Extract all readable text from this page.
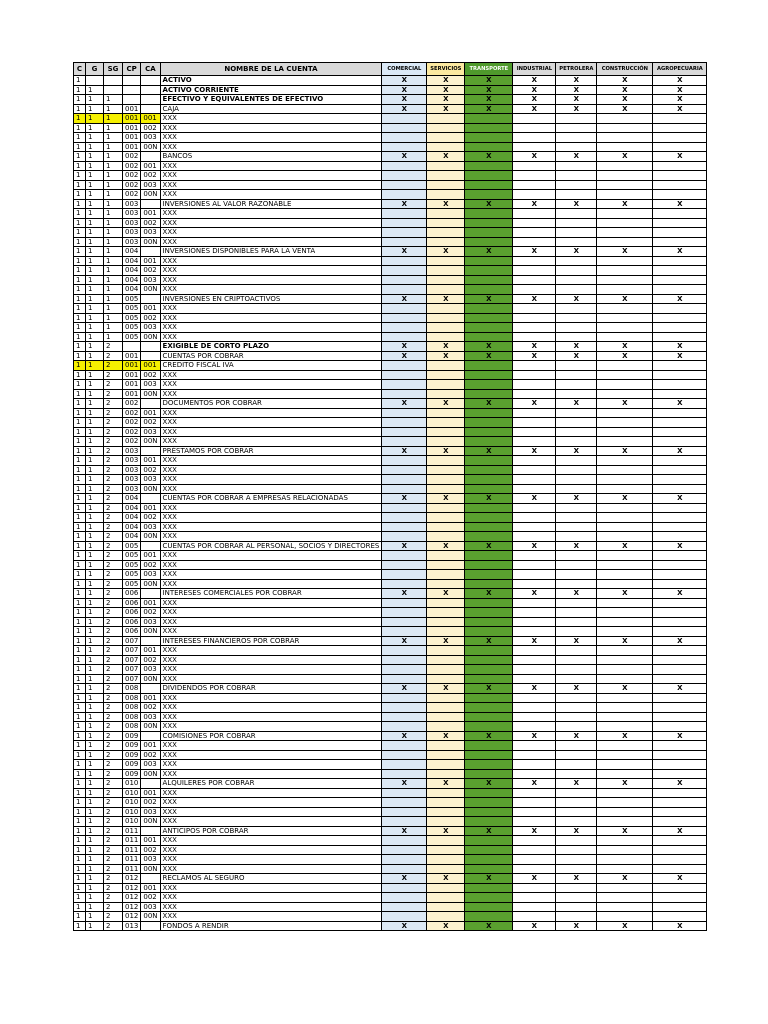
C	G	SG	CP	CA	NOMBRE DE LA CUENTA	COMERCIAL	SERVICIOS	TRANSPORTE	INDUSTRIAL	PETROLERA	CONSTRUCCIÓN	AGROPECUARIA
1					ACTIVO	X	X	X	X	X	X	X
1	1				ACTIVO CORRIENTE	X	X	X	X	X	X	X
1	1	1			EFECTIVO Y EQUIVALENTES DE EFECTIVO	X	X	X	X	X	X	X
1	1	1	001		CAJA	X	X	X	X	X	X	X
1	1	1	001	001	XXX							
1	1	1	001	002	XXX							
1	1	1	001	003	XXX							
1	1	1	001	00N	XXX							
1	1	1	002		BANCOS	X	X	X	X	X	X	X
1	1	1	002	001	XXX							
1	1	1	002	002	XXX							
1	1	1	002	003	XXX							
1	1	1	002	00N	XXX							
1	1	1	003		INVERSIONES AL VALOR RAZONABLE	X	X	X	X	X	X	X
1	1	1	003	001	XXX							
1	1	1	003	002	XXX							
1	1	1	003	003	XXX							
1	1	1	003	00N	XXX							
1	1	1	004		INVERSIONES DISPONIBLES PARA LA VENTA	X	X	X	X	X	X	X
1	1	1	004	001	XXX							
1	1	1	004	002	XXX							
1	1	1	004	003	XXX							
1	1	1	004	00N	XXX							
1	1	1	005		INVERSIONES EN CRIPTOACTIVOS	X	X	X	X	X	X	X
1	1	1	005	001	XXX							
1	1	1	005	002	XXX							
1	1	1	005	003	XXX							
1	1	1	005	00N	XXX							
1	1	2			EXIGIBLE DE CORTO PLAZO	X	X	X	X	X	X	X
1	1	2	001		CUENTAS POR COBRAR	X	X	X	X	X	X	X
1	1	2	001	001	CREDITO FISCAL IVA							
1	1	2	001	002	XXX							
1	1	2	001	003	XXX							
1	1	2	001	00N	XXX							
1	1	2	002		DOCUMENTOS POR COBRAR	X	X	X	X	X	X	X
1	1	2	002	001	XXX							
1	1	2	002	002	XXX							
1	1	2	002	003	XXX							
1	1	2	002	00N	XXX							
1	1	2	003		PRÉSTAMOS POR COBRAR	X	X	X	X	X	X	X
1	1	2	003	001	XXX							
1	1	2	003	002	XXX							
1	1	2	003	003	XXX							
1	1	2	003	00N	XXX							
1	1	2	004		CUENTAS POR COBRAR A EMPRESAS RELACIONADAS	X	X	X	X	X	X	X
1	1	2	004	001	XXX							
1	1	2	004	002	XXX							
1	1	2	004	003	XXX							
1	1	2	004	00N	XXX							
1	1	2	005		CUENTAS POR COBRAR AL PERSONAL, SOCIOS Y DIRECTORES	X	X	X	X	X	X	X
1	1	2	005	001	XXX							
1	1	2	005	002	XXX							
1	1	2	005	003	XXX							
1	1	2	005	00N	XXX							
1	1	2	006		INTERESES COMERCIALES POR COBRAR	X	X	X	X	X	X	X
1	1	2	006	001	XXX							
1	1	2	006	002	XXX							
1	1	2	006	003	XXX							
1	1	2	006	00N	XXX							
1	1	2	007		INTERESES FINANCIEROS POR COBRAR	X	X	X	X	X	X	X
1	1	2	007	001	XXX							
1	1	2	007	002	XXX							
1	1	2	007	003	XXX							
1	1	2	007	00N	XXX							
1	1	2	008		DIVIDENDOS POR COBRAR	X	X	X	X	X	X	X
1	1	2	008	001	XXX							
1	1	2	008	002	XXX							
1	1	2	008	003	XXX							
1	1	2	008	00N	XXX							
1	1	2	009		COMISIONES POR COBRAR	X	X	X	X	X	X	X
1	1	2	009	001	XXX							
1	1	2	009	002	XXX							
1	1	2	009	003	XXX							
1	1	2	009	00N	XXX							
1	1	2	010		ALQUILERES POR COBRAR	X	X	X	X	X	X	X
1	1	2	010	001	XXX							
1	1	2	010	002	XXX							
1	1	2	010	003	XXX							
1	1	2	010	00N	XXX							
1	1	2	011		ANTICIPOS POR COBRAR	X	X	X	X	X	X	X
1	1	2	011	001	XXX							
1	1	2	011	002	XXX							
1	1	2	011	003	XXX							
1	1	2	011	00N	XXX							
1	1	2	012		RECLAMOS AL SEGURO	X	X	X	X	X	X	X
1	1	2	012	001	XXX							
1	1	2	012	002	XXX							
1	1	2	012	003	XXX							
1	1	2	012	00N	XXX							
1	1	2	013		FONDOS A RENDIR	X	X	X	X	X	X	X
